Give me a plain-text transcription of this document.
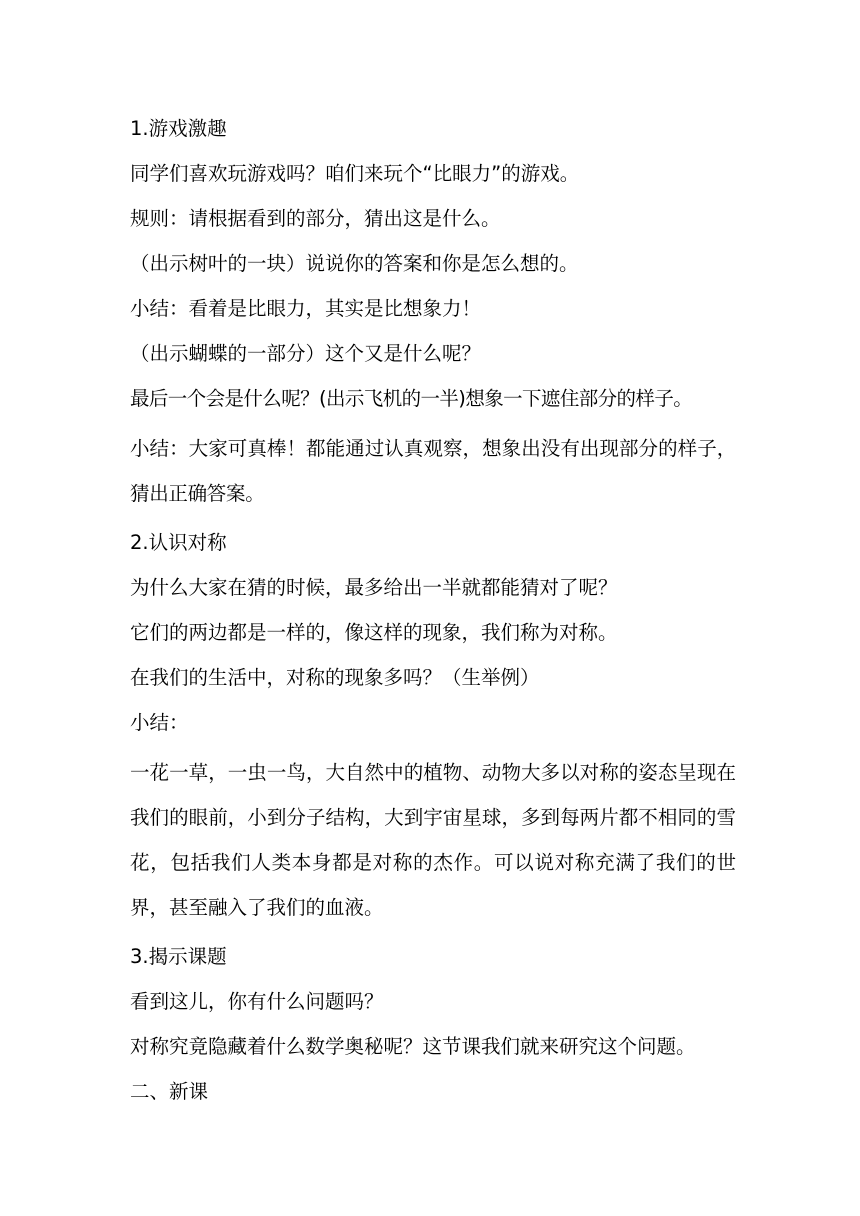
1.游戏激趣
同学们喜欢玩游戏吗？咱们来玩个“比眼力”的游戏。
规则：请根据看到的部分，猜出这是什么。
（出示树叶的一块）说说你的答案和你是怎么想的。
小结：看着是比眼力，其实是比想象力！
（出示蝴蝶的一部分）这个又是什么呢？
最后一个会是什么呢？(出示飞机的一半)想象一下遮住部分的样子。
小结：大家可真棒！都能通过认真观察，想象出没有出现部分的样子，猜出正确答案。
2.认识对称
为什么大家在猜的时候，最多给出一半就都能猜对了呢？
它们的两边都是一样的，像这样的现象，我们称为对称。
在我们的生活中，对称的现象多吗？（生举例）
小结：
一花一草，一虫一鸟，大自然中的植物、动物大多以对称的姿态呈现在我们的眼前，小到分子结构，大到宇宙星球，多到每两片都不相同的雪花，包括我们人类本身都是对称的杰作。可以说对称充满了我们的世界，甚至融入了我们的血液。
3.揭示课题
看到这儿，你有什么问题吗？
对称究竟隐藏着什么数学奥秘呢？这节课我们就来研究这个问题。
二、新课
